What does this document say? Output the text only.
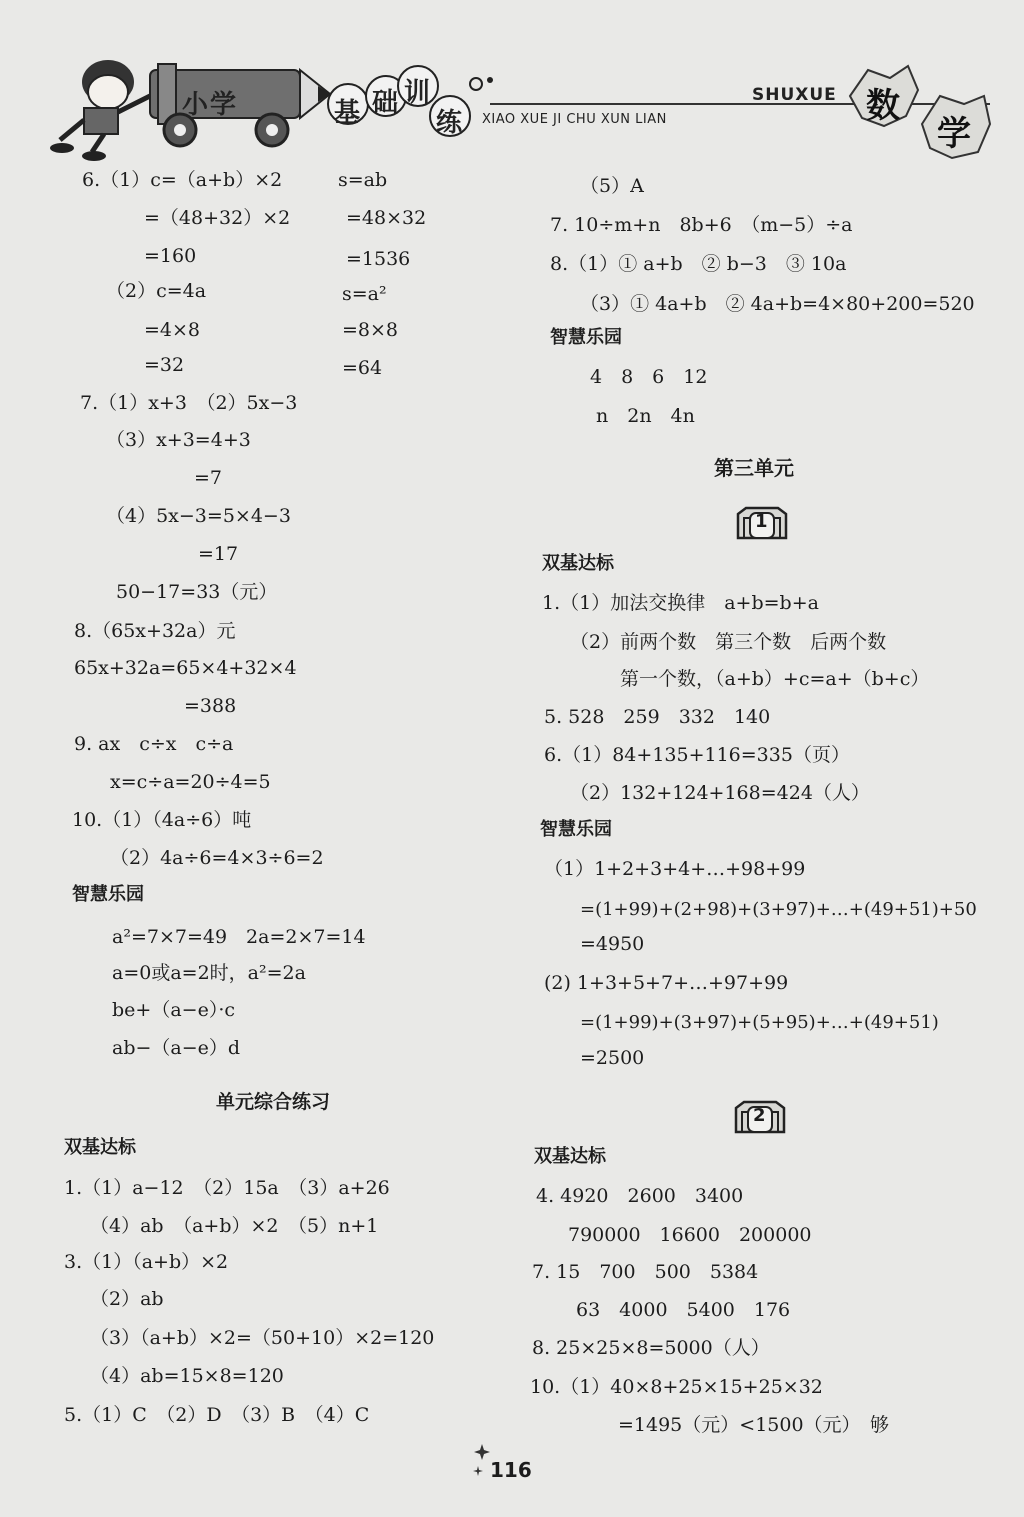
小学	基 础 训
练 XIAO XUE JI CHU XUN LIAN
SHUXUE 数
学
6.（1）c=（a+b）×2	s=ab
=（48+32）×2	=48×32
=160	=1536
（2）c=4a	s=a²
=4×8	=8×8
=32	=64
7.（1）x+3　（2）5x−3
（3）x+3=4+3
=7
（4）5x−3=5×4−3
=17
50−17=33（元）
8.（65x+32a）元
65x+32a=65×4+32×4
=388
9. ax　c÷x　c÷a
x=c÷a=20÷4=5
10.（1）（4a÷6）吨
（2）4a÷6=4×3÷6=2
智慧乐园
a²=7×7=49　2a=2×7=14
a=0或a=2时，a²=2a
be+（a−e）·c
ab−（a−e）d
单元综合练习
双基达标
1.（1）a−12　（2）15a　（3）a+26
（4）ab　（a+b）×2　（5）n+1
3.（1）（a+b）×2
（2）ab
（3）（a+b）×2=（50+10）×2=120
（4）ab=15×8=120
5.（1）C　（2）D　（3）B　（4）C
（5）A
7. 10÷m+n　8b+6　（m−5）÷a
8.（1）① a+b　② b−3　③ 10a
（3）① 4a+b　② 4a+b=4×80+200=520
智慧乐园
4　8　6　12
n　2n　4n
第三单元
1
双基达标
1.（1）加法交换律　a+b=b+a
（2）前两个数　第三个数　后两个数
第一个数，（a+b）+c=a+（b+c）
5. 528　259　332　140
6.（1）84+135+116=335（页）
（2）132+124+168=424（人）
智慧乐园
（1）1+2+3+4+…+98+99
=(1+99)+(2+98)+(3+97)+…+(49+51)+50
=4950
(2) 1+3+5+7+…+97+99
=(1+99)+(3+97)+(5+95)+…+(49+51)
=2500
2
双基达标
4. 4920　2600　3400
790000　16600　200000
7. 15　700　500　5384
63　4000　5400　176
8. 25×25×8=5000（人）
10.（1）40×8+25×15+25×32
=1495（元）<1500（元）　够
116
